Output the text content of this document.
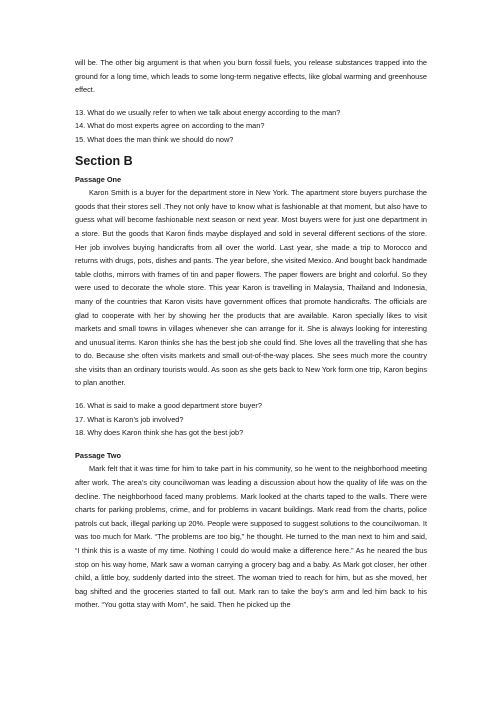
will be. The other big argument is that when you burn fossil fuels, you release substances trapped into the ground for a long time, which leads to some long-term negative effects, like global warming and greenhouse effect.

13. What do we usually refer to when we talk about energy according to the man?
14. What do most experts agree on according to the man?
15. What does the man think we should do now?
Section B
Passage One

Karon Smith is a buyer for the department store in New York. The apartment store buyers purchase the goods that their stores sell .They not only have to know what is fashionable at that moment, but also have to guess what will become fashionable next season or next year. Most buyers were for just one department in a store. But the goods that Karon finds maybe displayed and sold in several different sections of the store. Her job involves buying handicrafts from all over the world. Last year, she made a trip to Morocco and returns with drugs, pots, dishes and pants. The year before, she visited Mexico. And bought back handmade table cloths, mirrors with frames of tin and paper flowers. The paper flowers are bright and colorful. So they were used to decorate the whole store. This year Karon is travelling in Malaysia, Thailand and Indonesia, many of the countries that Karon visits have government offices that promote handicrafts. The officials are glad to cooperate with her by showing her the products that are available. Karon specially likes to visit markets and small towns in villages whenever she can arrange for it. She is always looking for interesting and unusual items. Karon thinks she has the best job she could find. She loves all the travelling that she has to do. Because she often visits markets and small out-of-the-way places. She sees much more the country she visits than an ordinary tourists would. As soon as she gets back to New York form one trip, Karon begins to plan another.

16. What is said to make a good department store buyer?
17. What is Karon’s job involved?
18. Why does Karon think she has got the best job?
Passage Two

Mark felt that it was time for him to take part in his community, so he went to the neighborhood meeting after work. The area’s city councilwoman was leading a discussion about how the quality of life was on the decline. The neighborhood faced many problems. Mark looked at the charts taped to the walls. There were charts for parking problems, crime, and for problems in vacant buildings. Mark read from the charts, police patrols cut back, illegal parking up 20%. People were supposed to suggest solutions to the councilwoman. It was too much for Mark. “The problems are too big,” he thought. He turned to the man next to him and said, “I think this is a waste of my time. Nothing I could do would make a difference here.” As he neared the bus stop on his way home, Mark saw a woman carrying a grocery bag and a baby. As Mark got closer, her other child, a little boy, suddenly darted into the street. The woman tried to reach for him, but as she moved, her bag shifted and the groceries started to fall out. Mark ran to take the boy’s arm and led him back to his mother. “You gotta stay with Mom”, he said. Then he picked up the
